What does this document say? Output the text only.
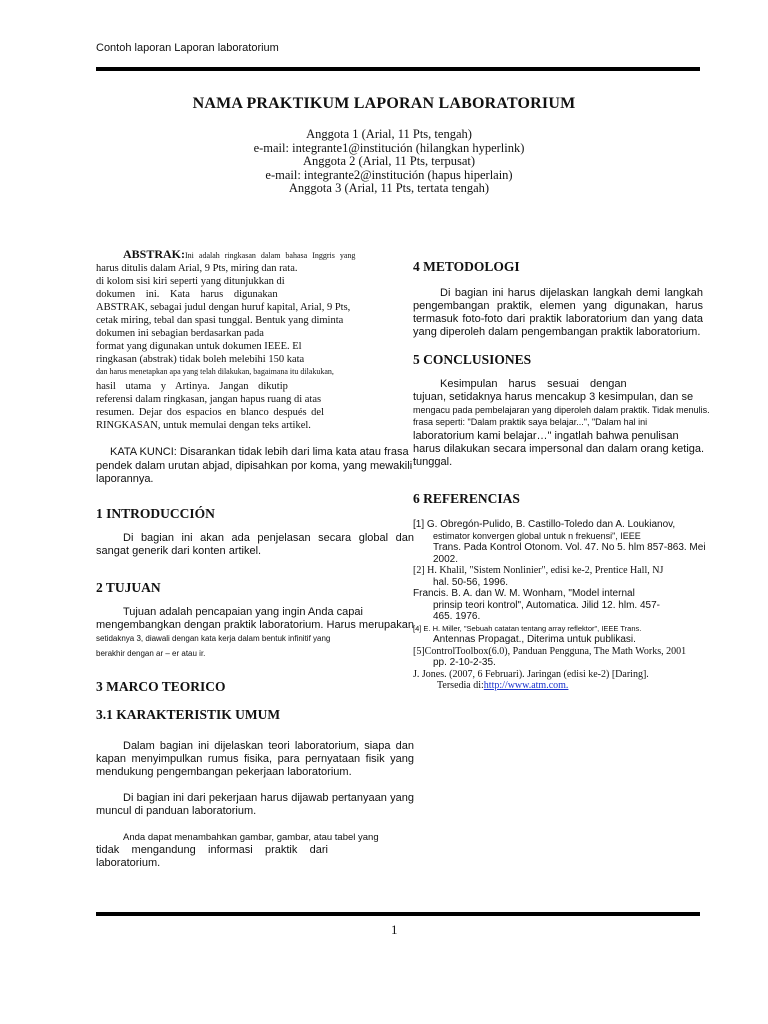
Contoh laporan Laporan laboratorium
NAMA PRAKTIKUM LAPORAN LABORATORIUM
Anggota 1 (Arial, 11 Pts, tengah)
e-mail: integrante1@institución (hilangkan hyperlink)
Anggota 2 (Arial, 11 Pts, terpusat)
e-mail: integrante2@institución (hapus hiperlain)
Anggota 3 (Arial, 11 Pts, tertata tengah)

ABSTRAK:Ini adalah ringkasan dalam bahasa Inggris yang

harus ditulis dalam Arial, 9 Pts, miring dan rata.

di kolom sisi kiri seperti yang ditunjukkan di

dokumen ini. Kata harus digunakan

ABSTRAK, sebagai judul dengan huruf kapital, Arial, 9 Pts,

cetak miring, tebal dan spasi tunggal. Bentuk yang diminta

dokumen ini sebagian berdasarkan pada

format yang digunakan untuk dokumen IEEE. El

ringkasan (abstrak) tidak boleh melebihi 150 kata

dan harus menetapkan apa yang telah dilakukan, bagaimana itu dilakukan,

hasil utama y Artinya. Jangan dikutip

referensi dalam ringkasan, jangan hapus ruang di atas

resumen. Dejar dos espacios en blanco después del

RINGKASAN, untuk memulai dengan teks artikel.

KATA KUNCI: Disarankan tidak lebih dari lima kata atau frasa pendek dalam urutan abjad, dipisahkan por koma, yang mewakili laporannya.

1 INTRODUCCIÓN

Di bagian ini akan ada penjelasan secara global dan sangat generik dari konten artikel.

2 TUJUAN

Tujuan adalah pencapaian yang ingin Anda capai

mengembangkan dengan praktik laboratorium. Harus merupakan

setidaknya 3, diawali dengan kata kerja dalam bentuk infinitif yang

berakhir dengan ar – er atau ir.

3 MARCO TEORICO
3.1 KARAKTERISTIK UMUM

Dalam bagian ini dijelaskan teori laboratorium, siapa dan kapan menyimpulkan rumus fisika, para pernyataan fisik yang mendukung pengembangan pekerjaan laboratorium.

Di bagian ini dari pekerjaan harus dijawab pertanyaan yang muncul di panduan laboratorium.

Anda dapat menambahkan gambar, gambar, atau tabel yang

tidak mengandung informasi praktik dari laboratorium.

4 METODOLOGI

Di bagian ini harus dijelaskan langkah demi langkah pengembangan praktik, elemen yang digunakan, harus termasuk foto-foto dari praktik laboratorium dan yang data yang diperoleh dalam pengembangan praktik laboratorium.

5 CONCLUSIONES

Kesimpulan harus sesuai dengan

tujuan, setidaknya harus mencakup 3 kesimpulan, dan se

mengacu pada pembelajaran yang diperoleh dalam praktik. Tidak menulis.

frasa seperti: "Dalam praktik saya belajar...", "Dalam hal ini

laboratorium kami belajar…" ingatlah bahwa penulisan

harus dilakukan secara impersonal dan dalam orang ketiga.

tunggal.

6 REFERENCIAS

[1] G. Obregón-Pulido, B. Castillo-Toledo dan A. Loukianov,

estimator konvergen global untuk n frekuensi", IEEE

Trans. Pada Kontrol Otonom. Vol. 47. No 5. hlm 857-863. Mei

2002.

[2] H. Khalil, "Sistem Nonlinier", edisi ke-2, Prentice Hall, NJ

hal. 50-56, 1996.

Francis. B. A. dan W. M. Wonham, "Model internal

prinsip teori kontrol", Automatica. Jilid 12. hlm. 457-

465. 1976.

[4] E. H. Miller, "Sebuah catatan tentang array reflektor", IEEE Trans.

Antennas Propagat., Diterima untuk publikasi.

[5]ControlToolbox(6.0), Panduan Pengguna, The Math Works, 2001

pp. 2-10-2-35.

J. Jones. (2007, 6 Februari). Jaringan (edisi ke-2) [Daring].

Tersedia di:http://www.atm.com.

1
